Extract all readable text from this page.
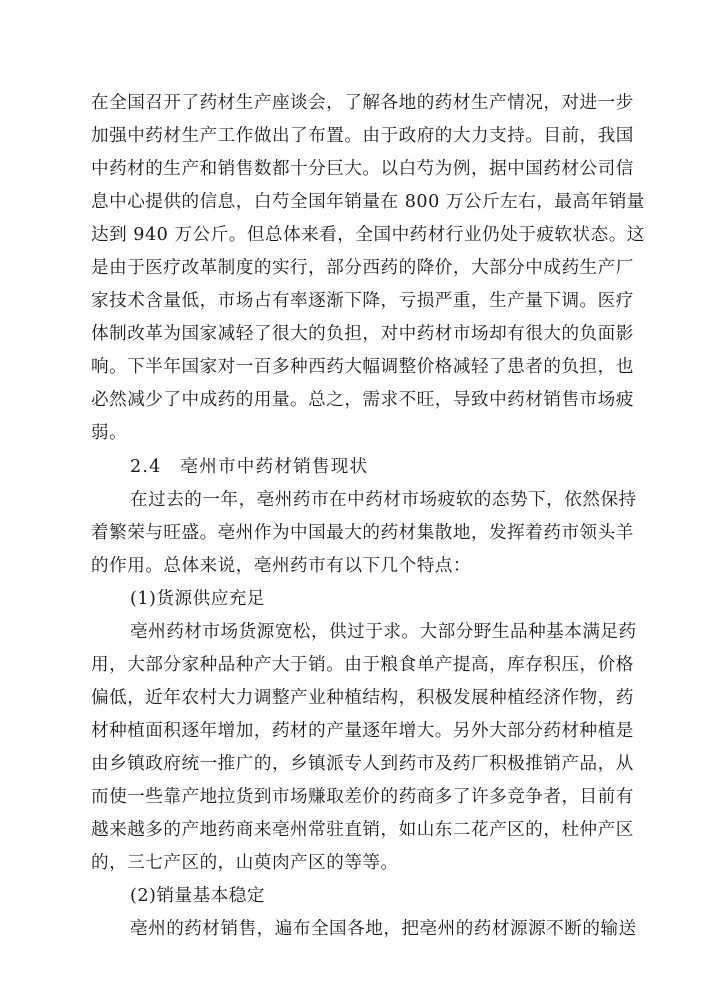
在全国召开了药材生产座谈会，了解各地的药材生产情况，对进一步
加强中药材生产工作做出了布置。由于政府的大力支持。目前，我国
中药材的生产和销售数都十分巨大。以白芍为例，据中国药材公司信
息中心提供的信息，白芍全国年销量在 800 万公斤左右，最高年销量
达到 940 万公斤。但总体来看，全国中药材行业仍处于疲软状态。这
是由于医疗改革制度的实行，部分西药的降价，大部分中成药生产厂
家技术含量低，市场占有率逐渐下降，亏损严重，生产量下调。医疗
体制改革为国家减轻了很大的负担，对中药材市场却有很大的负面影
响。下半年国家对一百多种西药大幅调整价格减轻了患者的负担，也
必然减少了中成药的用量。总之，需求不旺，导致中药材销售市场疲
弱。
2.4　亳州市中药材销售现状
在过去的一年，亳州药市在中药材市场疲软的态势下，依然保持
着繁荣与旺盛。亳州作为中国最大的药材集散地，发挥着药市领头羊
的作用。总体来说，亳州药市有以下几个特点：
(1)货源供应充足
亳州药材市场货源宽松，供过于求。大部分野生品种基本满足药
用，大部分家种品种产大于销。由于粮食单产提高，库存积压，价格
偏低，近年农村大力调整产业种植结构，积极发展种植经济作物，药
材种植面积逐年增加，药材的产量逐年增大。另外大部分药材种植是
由乡镇政府统一推广的，乡镇派专人到药市及药厂积极推销产品，从
而使一些靠产地拉货到市场赚取差价的药商多了许多竞争者，目前有
越来越多的产地药商来亳州常驻直销，如山东二花产区的，杜仲产区
的，三七产区的，山萸肉产区的等等。
(2)销量基本稳定
亳州的药材销售，遍布全国各地，把亳州的药材源源不断的输送
